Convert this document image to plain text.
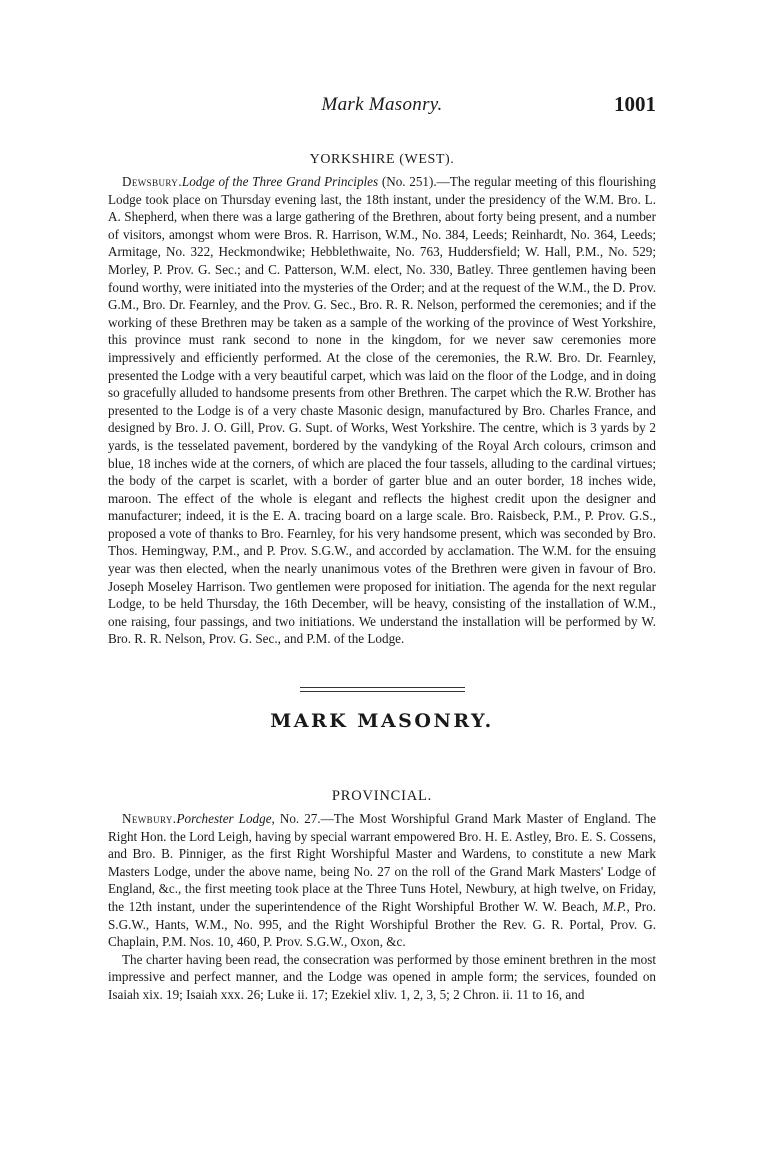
Mark Masonry.	1001
YORKSHIRE (WEST).

Dewsbury.Lodge of the Three Grand Principles (No. 251).—The regular meeting of this flourishing Lodge took place on Thursday evening last, the 18th instant, under the presidency of the W.M. Bro. L. A. Shepherd, when there was a large gathering of the Brethren, about forty being present, and a number of visitors, amongst whom were Bros. R. Harrison, W.M., No. 384, Leeds; Reinhardt, No. 364, Leeds; Armitage, No. 322, Heckmondwike; Hebblethwaite, No. 763, Huddersfield; W. Hall, P.M., No. 529; Morley, P. Prov. G. Sec.; and C. Patterson, W.M. elect, No. 330, Batley. Three gentlemen having been found worthy, were initiated into the mysteries of the Order; and at the request of the W.M., the D. Prov. G.M., Bro. Dr. Fearnley, and the Prov. G. Sec., Bro. R. R. Nelson, performed the ceremonies; and if the working of these Brethren may be taken as a sample of the working of the province of West Yorkshire, this province must rank second to none in the kingdom, for we never saw ceremonies more impressively and efficiently performed. At the close of the ceremonies, the R.W. Bro. Dr. Fearnley, presented the Lodge with a very beautiful carpet, which was laid on the floor of the Lodge, and in doing so gracefully alluded to handsome presents from other Brethren. The carpet which the R.W. Brother has presented to the Lodge is of a very chaste Masonic design, manufactured by Bro. Charles France, and designed by Bro. J. O. Gill, Prov. G. Supt. of Works, West Yorkshire. The centre, which is 3 yards by 2 yards, is the tesselated pavement, bordered by the vandyking of the Royal Arch colours, crimson and blue, 18 inches wide at the corners, of which are placed the four tassels, alluding to the cardinal virtues; the body of the carpet is scarlet, with a border of garter blue and an outer border, 18 inches wide, maroon. The effect of the whole is elegant and reflects the highest credit upon the designer and manufacturer; indeed, it is the E. A. tracing board on a large scale. Bro. Raisbeck, P.M., P. Prov. G.S., proposed a vote of thanks to Bro. Fearnley, for his very handsome present, which was seconded by Bro. Thos. Hemingway, P.M., and P. Prov. S.G.W., and accorded by acclamation. The W.M. for the ensuing year was then elected, when the nearly unanimous votes of the Brethren were given in favour of Bro. Joseph Moseley Harrison. Two gentlemen were proposed for initiation. The agenda for the next regular Lodge, to be held Thursday, the 16th December, will be heavy, consisting of the installation of W.M., one raising, four passings, and two initiations. We understand the installation will be performed by W. Bro. R. R. Nelson, Prov. G. Sec., and P.M. of the Lodge.

MARK MASONRY.
PROVINCIAL.

Newbury.Porchester Lodge, No. 27.—The Most Worshipful Grand Mark Master of England. The Right Hon. the Lord Leigh, having by special warrant empowered Bro. H. E. Astley, Bro. E. S. Cossens, and Bro. B. Pinniger, as the first Right Worshipful Master and Wardens, to constitute a new Mark Masters Lodge, under the above name, being No. 27 on the roll of the Grand Mark Masters' Lodge of England, &c., the first meeting took place at the Three Tuns Hotel, Newbury, at high twelve, on Friday, the 12th instant, under the superintendence of the Right Worshipful Brother W. W. Beach, M.P., Pro. S.G.W., Hants, W.M., No. 995, and the Right Worshipful Brother the Rev. G. R. Portal, Prov. G. Chaplain, P.M. Nos. 10, 460, P. Prov. S.G.W., Oxon, &c.

The charter having been read, the consecration was performed by those eminent brethren in the most impressive and perfect manner, and the Lodge was opened in ample form; the services, founded on Isaiah xix. 19; Isaiah xxx. 26; Luke ii. 17; Ezekiel xliv. 1, 2, 3, 5; 2 Chron. ii. 11 to 16, and
